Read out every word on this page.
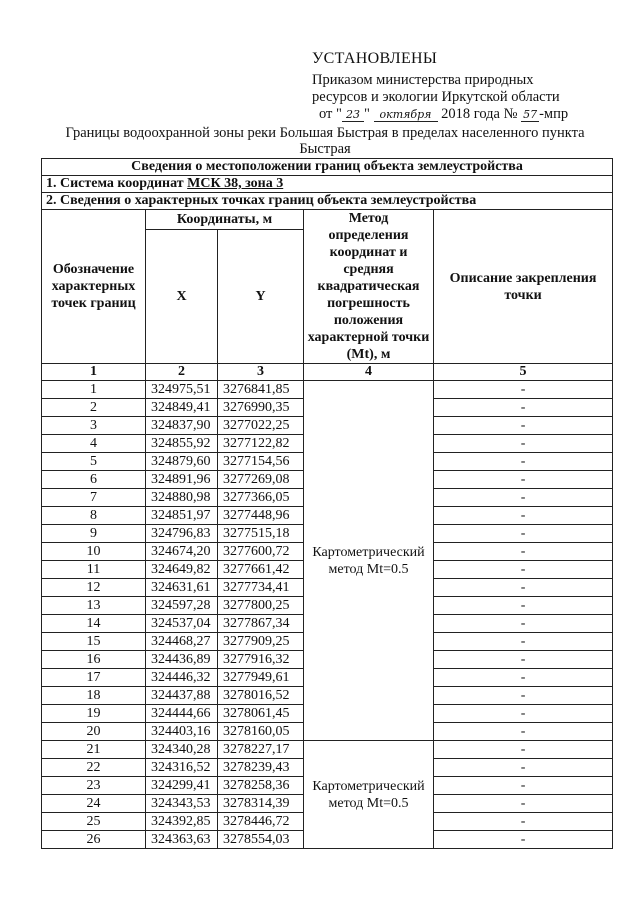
УСТАНОВЛЕНЫ
Приказом министерства природных
ресурсов и экологии Иркутской области
от " 23 " октября 2018 года № 57 -мпр
Границы водоохранной зоны реки Большая Быстрая в пределах населенного пункта Быстрая
Сведения о местоположении границ объекта землеустройства				
1. Система координат МСК 38, зона 3				
2. Сведения о характерных точках границ объекта землеустройства				
Обозначение характерных точек границ	Координаты, м		Метод определения координат и средняя квадратическая погрешность положения характерной точки (Mt), м	Описание закрепления точки
	X	Y		
1	2	3	4	5
1	324975,51	3276841,85	Картометрический метод Mt=0.5	-
2	324849,41	3276990,35		-
3	324837,90	3277022,25		-
4	324855,92	3277122,82		-
5	324879,60	3277154,56		-
6	324891,96	3277269,08		-
7	324880,98	3277366,05		-
8	324851,97	3277448,96		-
9	324796,83	3277515,18		-
10	324674,20	3277600,72		-
11	324649,82	3277661,42		-
12	324631,61	3277734,41		-
13	324597,28	3277800,25		-
14	324537,04	3277867,34		-
15	324468,27	3277909,25		-
16	324436,89	3277916,32		-
17	324446,32	3277949,61		-
18	324437,88	3278016,52		-
19	324444,66	3278061,45		-
20	324403,16	3278160,05		-
21	324340,28	3278227,17	Картометрический метод Mt=0.5	-
22	324316,52	3278239,43		-
23	324299,41	3278258,36		-
24	324343,53	3278314,39		-
25	324392,85	3278446,72		-
26	324363,63	3278554,03		-
